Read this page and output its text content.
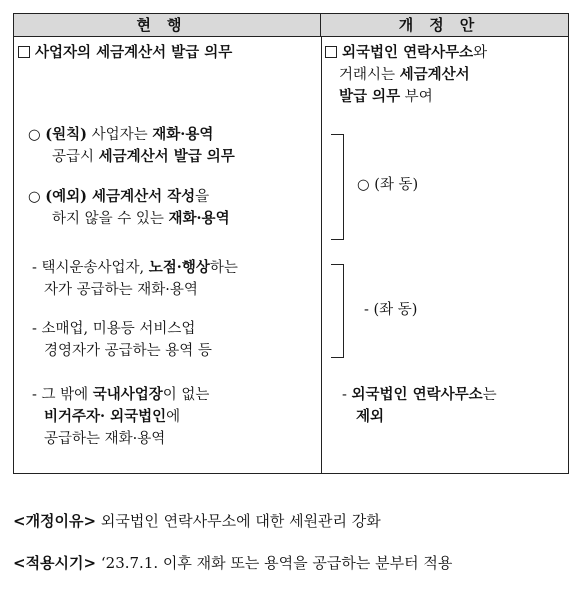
현행	개정안
사업자의 세금계산서 발급 의무
○ (원칙) 사업자는 재화·용역
공급시 세금계산서 발급 의무
○ (예외) 세금계산서 작성을
하지 않을 수 있는 재화·용역
- 택시운송사업자, 노점·행상하는
자가 공급하는 재화·용역
- 소매업, 미용등 서비스업
경영자가 공급하는 용역 등
- 그 밖에 국내사업장이 없는
비거주자· 외국법인에
공급하는 재화·용역
외국법인 연락사무소와
거래시는 세금계산서
발급 의무 부여
○ (좌 동)
- (좌 동)
- 외국법인 연락사무소는
제외
<개정이유> 외국법인 연락사무소에 대한 세원관리 강화
<적용시기> ‘23.7.1. 이후 재화 또는 용역을 공급하는 분부터 적용
